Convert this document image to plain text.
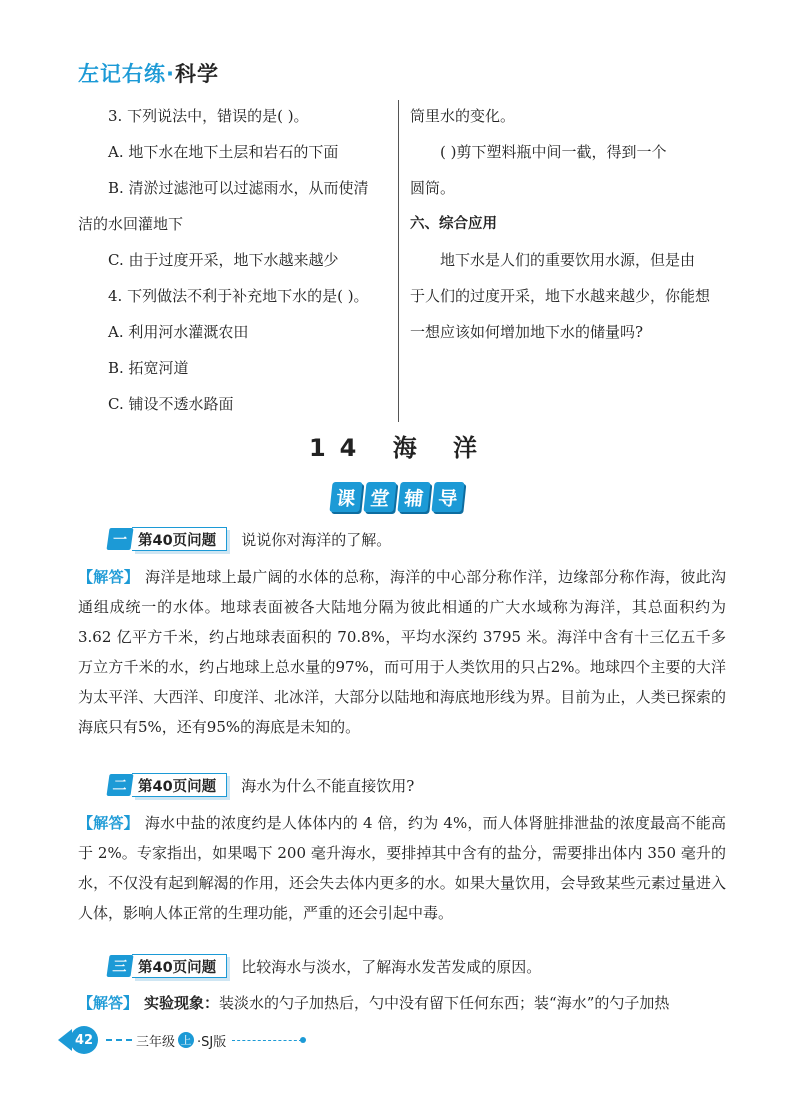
左记右练·科学

3. 下列说法中，错误的是( )。

A. 地下水在地下土层和岩石的下面

B. 清淤过滤池可以过滤雨水，从而使清

洁的水回灌地下

C. 由于过度开采，地下水越来越少

4. 下列做法不利于补充地下水的是( )。

A. 利用河水灌溉农田

B. 拓宽河道

C. 铺设不透水路面

筒里水的变化。

( )剪下塑料瓶中间一截，得到一个

圆筒。

六、综合应用

地下水是人们的重要饮用水源，但是由

于人们的过度开采，地下水越来越少，你能想

一想应该如何增加地下水的储量吗?

14 海 洋
课 堂 辅 导
一 第40页问题	说说你对海洋的了解。

【解答】 海洋是地球上最广阔的水体的总称，海洋的中心部分称作洋，边缘部分称作海，彼此沟通组成统一的水体。地球表面被各大陆地分隔为彼此相通的广大水域称为海洋，其总面积约为 3.62 亿平方千米，约占地球表面积的 70.8%，平均水深约 3795 米。海洋中含有十三亿五千多万立方千米的水，约占地球上总水量的97%，而可用于人类饮用的只占2%。地球四个主要的大洋为太平洋、大西洋、印度洋、北冰洋，大部分以陆地和海底地形线为界。目前为止，人类已探索的海底只有5%，还有95%的海底是未知的。

二 第40页问题	海水为什么不能直接饮用?

【解答】 海水中盐的浓度约是人体体内的 4 倍，约为 4%，而人体肾脏排泄盐的浓度最高不能高于 2%。专家指出，如果喝下 200 毫升海水，要排掉其中含有的盐分，需要排出体内 350 毫升的水，不仅没有起到解渴的作用，还会失去体内更多的水。如果大量饮用，会导致某些元素过量进入人体，影响人体正常的生理功能，严重的还会引起中毒。

三 第40页问题	比较海水与淡水，了解海水发苦发咸的原因。

【解答】 实验现象：装淡水的勺子加热后，勺中没有留下任何东西；装“海水”的勺子加热

42	三年级 上 ·SJ版
